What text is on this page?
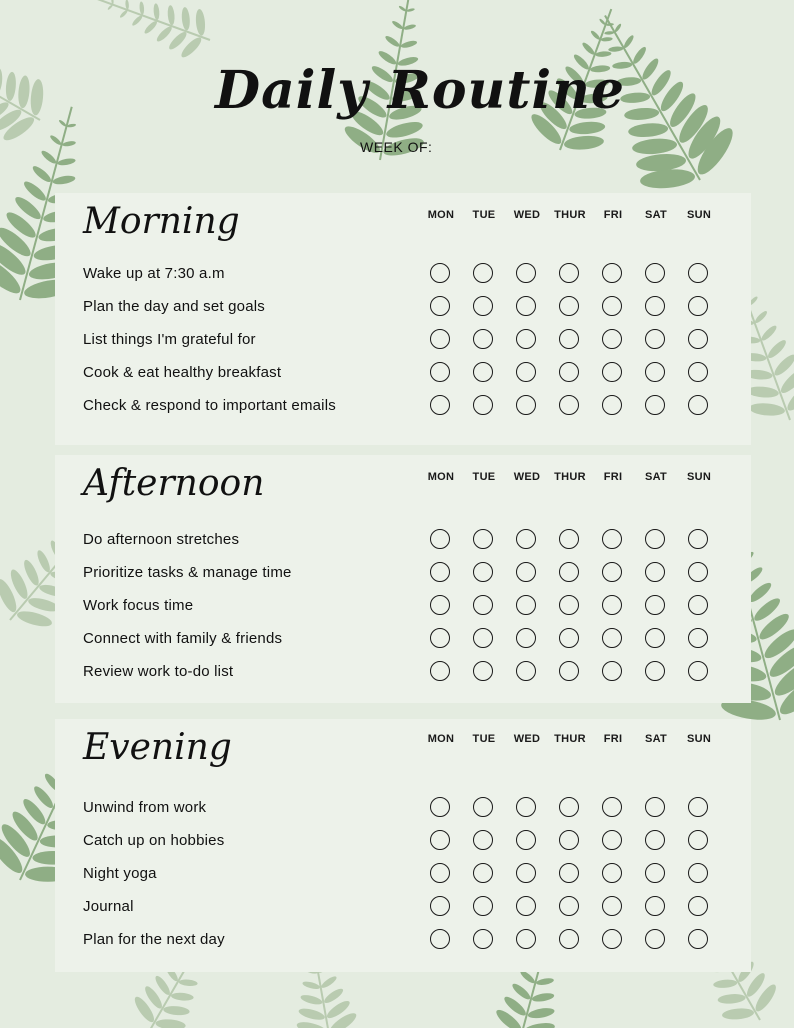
Daily Routine
WEEK OF:
Morning	MON	TUE	WED	THUR	FRI	SAT	SUN
Wake up at 7:30 a.m
Plan the day and set goals
List things I'm grateful for
Cook & eat healthy breakfast
Check & respond to important emails
Afternoon	MON	TUE	WED	THUR	FRI	SAT	SUN
Do afternoon stretches
Prioritize tasks & manage time
Work focus time
Connect with family & friends
Review work to-do list
Evening	MON	TUE	WED	THUR	FRI	SAT	SUN
Unwind from work
Catch up on hobbies
Night yoga
Journal
Plan for the next day
